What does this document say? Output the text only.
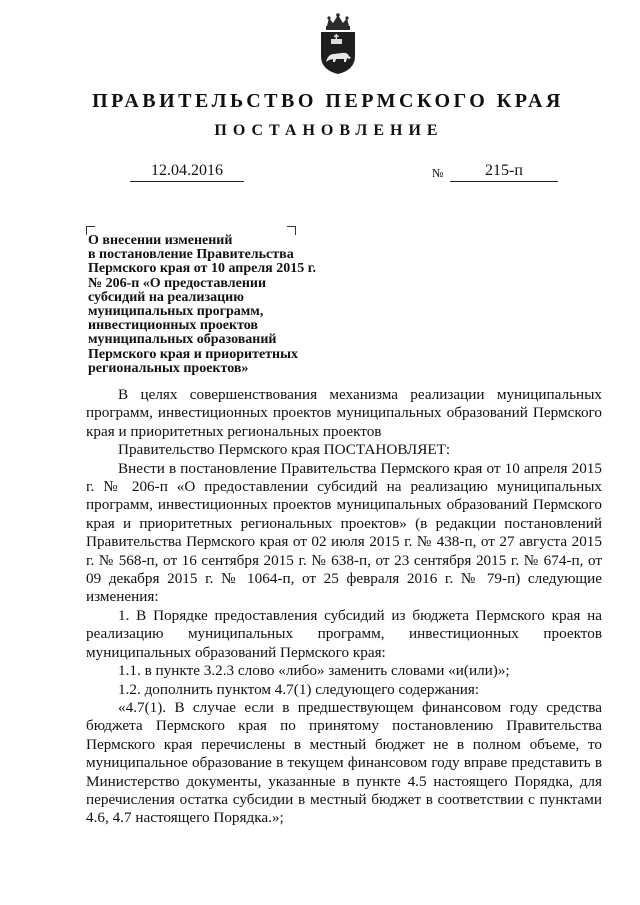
ПРАВИТЕЛЬСТВО ПЕРМСКОГО КРАЯ
ПОСТАНОВЛЕНИЕ
12.04.2016	№	215-п
О внесении изменений
в постановление Правительства
Пермского края от 10 апреля 2015 г.
№ 206-п «О предоставлении
субсидий на реализацию
муниципальных программ,
инвестиционных проектов
муниципальных образований
Пермского края и приоритетных
региональных проектов»

В целях совершенствования механизма реализации муниципальных программ, инвестиционных проектов муниципальных образований Пермского края и приоритетных региональных проектов

Правительство Пермского края ПОСТАНОВЛЯЕТ:

Внести в постановление Правительства Пермского края от 10 апреля 2015 г. № 206-п «О предоставлении субсидий на реализацию муниципальных программ, инвестиционных проектов муниципальных образований Пермского края и приоритетных региональных проектов» (в редакции постановлений Правительства Пермского края от 02 июля 2015 г. № 438-п, от 27 августа 2015 г. № 568-п, от 16 сентября 2015 г. № 638-п, от 23 сентября 2015 г. № 674-п, от 09 декабря 2015 г. № 1064-п, от 25 февраля 2016 г. № 79-п) следующие изменения:

1. В Порядке предоставления субсидий из бюджета Пермского края на реализацию муниципальных программ, инвестиционных проектов муниципальных образований Пермского края:

1.1. в пункте 3.2.3 слово «либо» заменить словами «и(или)»;

1.2. дополнить пунктом 4.7(1) следующего содержания:

«4.7(1). В случае если в предшествующем финансовом году средства бюджета Пермского края по принятому постановлению Правительства Пермского края перечислены в местный бюджет не в полном объеме, то муниципальное образование в текущем финансовом году вправе представить в Министерство документы, указанные в пункте 4.5 настоящего Порядка, для перечисления остатка субсидии в местный бюджет в соответствии с пунктами 4.6, 4.7 настоящего Порядка.»;
